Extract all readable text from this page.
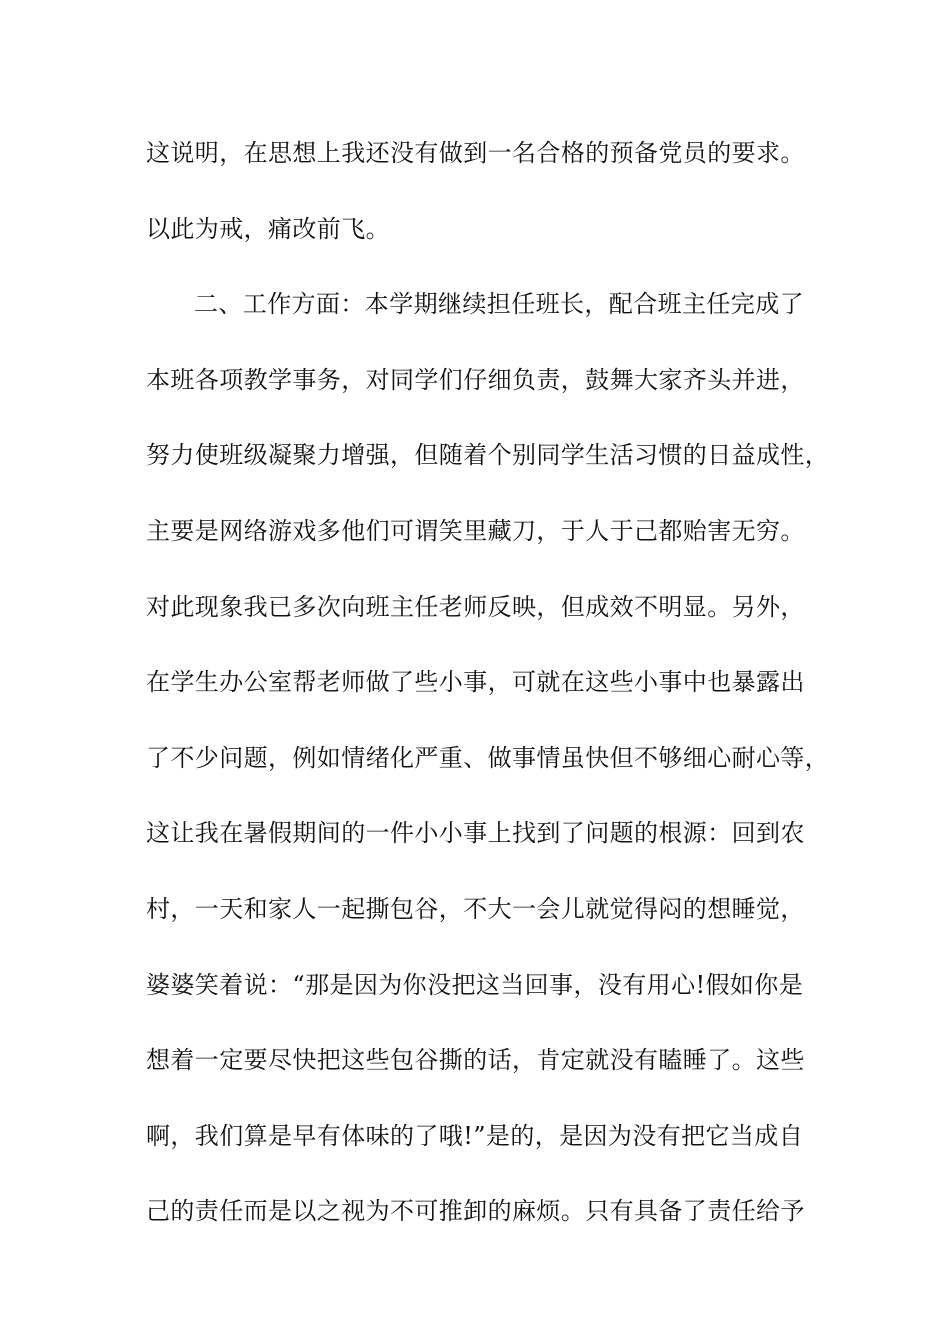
这说明，在思想上我还没有做到一名合格的预备党员的要求。
以此为戒，痛改前飞。
二、工作方面：本学期继续担任班长，配合班主任完成了
本班各项教学事务，对同学们仔细负责，鼓舞大家齐头并进，
努力使班级凝聚力增强，但随着个别同学生活习惯的日益成性，
主要是网络游戏多他们可谓笑里藏刀，于人于己都贻害无穷。
对此现象我已多次向班主任老师反映，但成效不明显。另外，
在学生办公室帮老师做了些小事，可就在这些小事中也暴露出
了不少问题，例如情绪化严重、做事情虽快但不够细心耐心等，
这让我在暑假期间的一件小小事上找到了问题的根源：回到农
村，一天和家人一起撕包谷，不大一会儿就觉得闷的想睡觉，
婆婆笑着说：“那是因为你没把这当回事，没有用心!假如你是
想着一定要尽快把这些包谷撕的话，肯定就没有瞌睡了。这些
啊，我们算是早有体味的了哦!”是的，是因为没有把它当成自
己的责任而是以之视为不可推卸的麻烦。只有具备了责任给予
